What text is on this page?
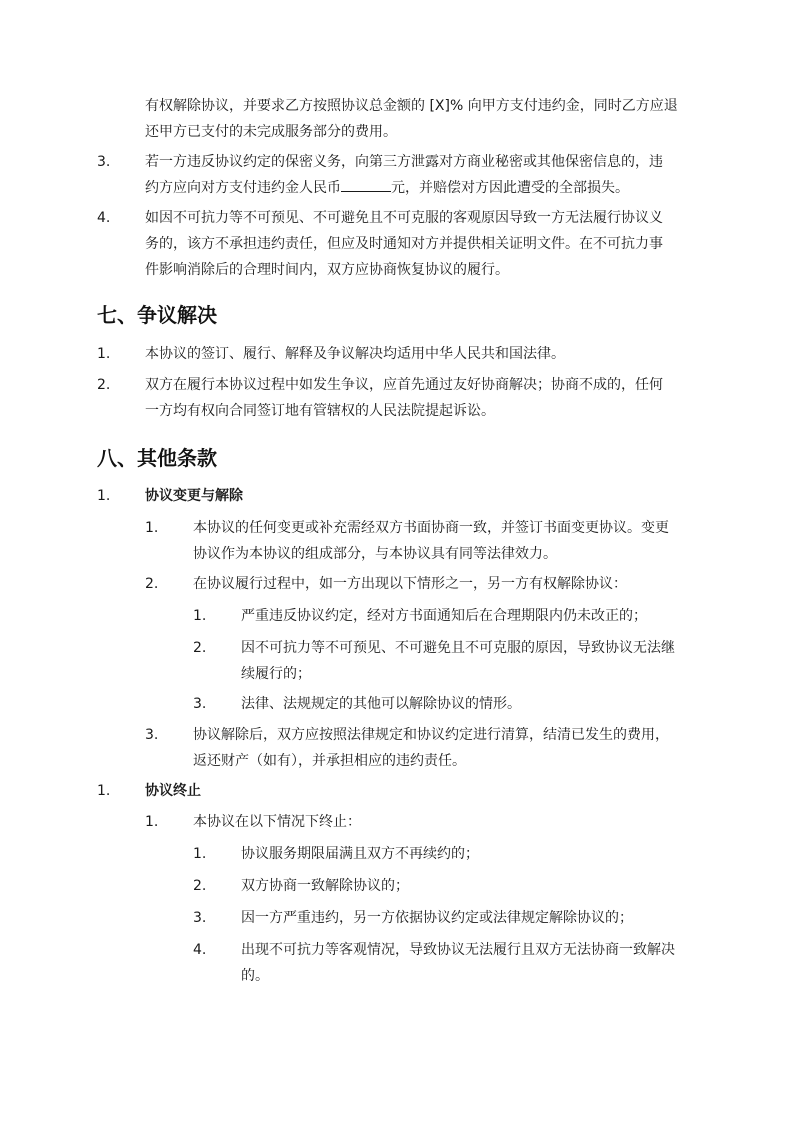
有权解除协议，并要求乙方按照协议总金额的 [X]% 向甲方支付违约金，同时乙方应退
还甲方已支付的未完成服务部分的费用。
3. 若一方违反协议约定的保密义务，向第三方泄露对方商业秘密或其他保密信息的，违
约方应向对方支付违约金人民币	元，并赔偿对方因此遭受的全部损失。
4. 如因不可抗力等不可预见、不可避免且不可克服的客观原因导致一方无法履行协议义
务的，该方不承担违约责任，但应及时通知对方并提供相关证明文件。在不可抗力事
件影响消除后的合理时间内，双方应协商恢复协议的履行。
七、争议解决
1. 本协议的签订、履行、解释及争议解决均适用中华人民共和国法律。
2. 双方在履行本协议过程中如发生争议，应首先通过友好协商解决；协商不成的，任何
一方均有权向合同签订地有管辖权的人民法院提起诉讼。
八、其他条款
1. 协议变更与解除
1. 本协议的任何变更或补充需经双方书面协商一致，并签订书面变更协议。变更
协议作为本协议的组成部分，与本协议具有同等法律效力。
2. 在协议履行过程中，如一方出现以下情形之一，另一方有权解除协议：
1. 严重违反协议约定，经对方书面通知后在合理期限内仍未改正的；
2. 因不可抗力等不可预见、不可避免且不可克服的原因，导致协议无法继
续履行的；
3. 法律、法规规定的其他可以解除协议的情形。
3. 协议解除后，双方应按照法律规定和协议约定进行清算，结清已发生的费用，
返还财产（如有），并承担相应的违约责任。
1. 协议终止
1. 本协议在以下情况下终止：
1. 协议服务期限届满且双方不再续约的；
2. 双方协商一致解除协议的；
3. 因一方严重违约，另一方依据协议约定或法律规定解除协议的；
4. 出现不可抗力等客观情况，导致协议无法履行且双方无法协商一致解决
的。
